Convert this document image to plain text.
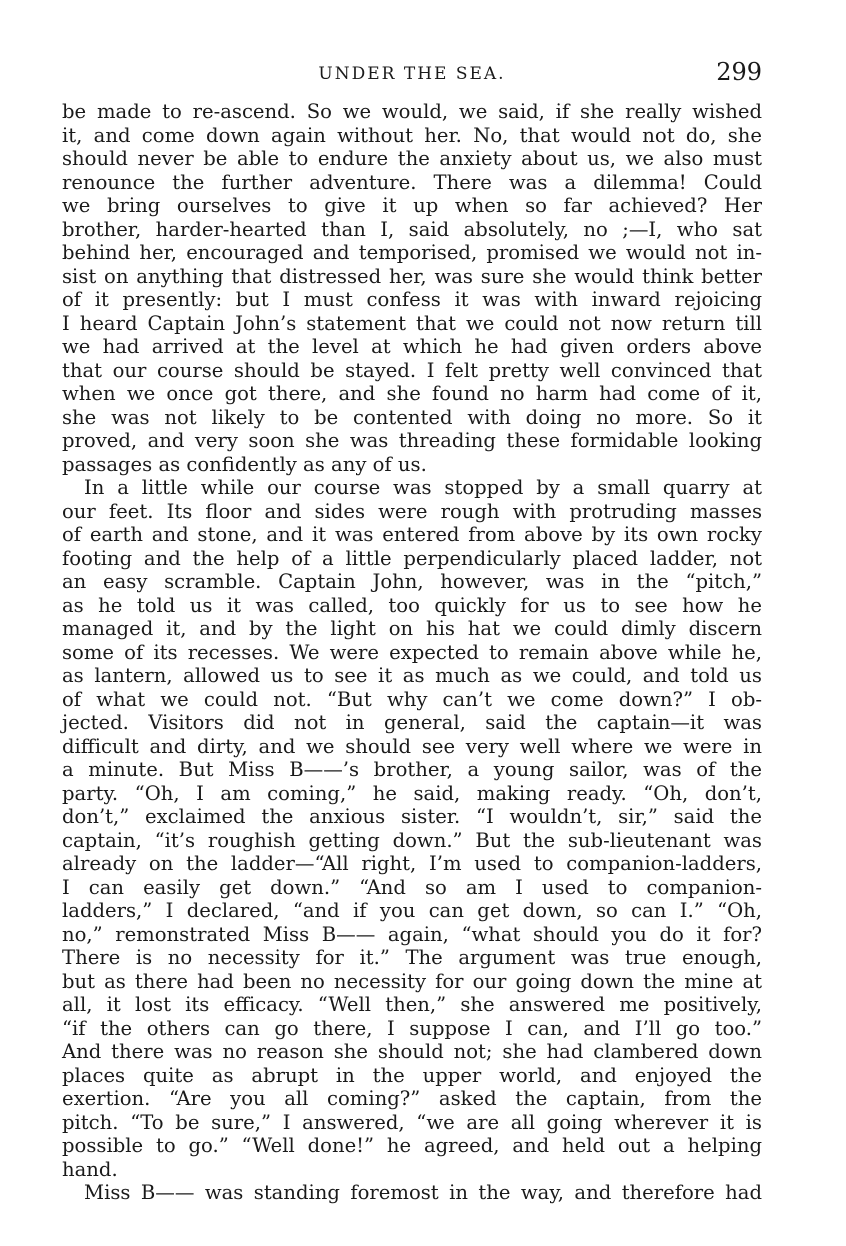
UNDER THE SEA.	299
be made to re-ascend. So we would, we said, if she really wished
it, and come down again without her. No, that would not do, she
should never be able to endure the anxiety about us, we also must
renounce the further adventure. There was a dilemma! Could
we bring ourselves to give it up when so far achieved? Her
brother, harder-hearted than I, said absolutely, no ;—I, who sat
behind her, encouraged and temporised, promised we would not in-
sist on anything that distressed her, was sure she would think better
of it presently: but I must confess it was with inward rejoicing
I heard Captain John’s statement that we could not now return till
we had arrived at the level at which he had given orders above
that our course should be stayed. I felt pretty well convinced that
when we once got there, and she found no harm had come of it,
she was not likely to be contented with doing no more. So it
proved, and very soon she was threading these formidable looking
passages as confidently as any of us.
In a little while our course was stopped by a small quarry at
our feet. Its floor and sides were rough with protruding masses
of earth and stone, and it was entered from above by its own rocky
footing and the help of a little perpendicularly placed ladder, not
an easy scramble. Captain John, however, was in the “pitch,”
as he told us it was called, too quickly for us to see how he
managed it, and by the light on his hat we could dimly discern
some of its recesses. We were expected to remain above while he,
as lantern, allowed us to see it as much as we could, and told us
of what we could not. “But why can’t we come down?” I ob-
jected. Visitors did not in general, said the captain—it was
difficult and dirty, and we should see very well where we were in
a minute. But Miss B——’s brother, a young sailor, was of the
party. “Oh, I am coming,” he said, making ready. “Oh, don’t,
don’t,” exclaimed the anxious sister. “I wouldn’t, sir,” said the
captain, “it’s roughish getting down.” But the sub-lieutenant was
already on the ladder—“All right, I’m used to companion-ladders,
I can easily get down.” “And so am I used to companion-
ladders,” I declared, “and if you can get down, so can I.” “Oh,
no,” remonstrated Miss B—— again, “what should you do it for?
There is no necessity for it.” The argument was true enough,
but as there had been no necessity for our going down the mine at
all, it lost its efficacy. “Well then,” she answered me positively,
“if the others can go there, I suppose I can, and I’ll go too.”
And there was no reason she should not; she had clambered down
places quite as abrupt in the upper world, and enjoyed the
exertion. “Are you all coming?” asked the captain, from the
pitch. “To be sure,” I answered, “we are all going wherever it is
possible to go.” “Well done!” he agreed, and held out a helping
hand.
Miss B—— was standing foremost in the way, and therefore had
